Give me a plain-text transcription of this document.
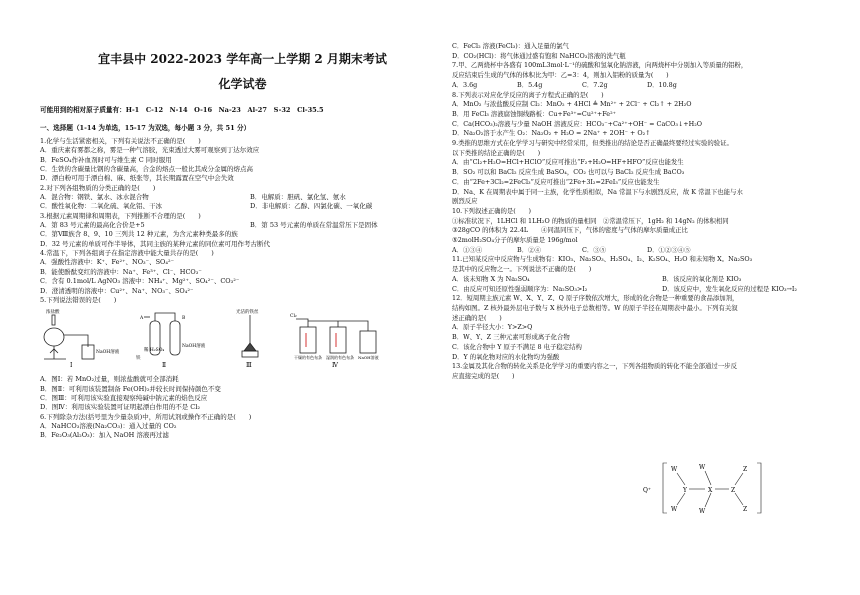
宜丰县中 2022-2023 学年高一上学期 2 月期末考试
化学试卷
可能用到的相对原子质量有：H-1　C-12　N-14　O-16　Na-23　Al-27　S-32　Cl-35.5
一、选择题（1-14 为单选，15-17 为双选，每小题 3 分，共 51 分）
1.化学与生活紧密相关，下列有关说法不正确的是(　　)
A．重庆素有雾都之称，雾是一种气溶胶，光束透过大雾可观察到丁达尔效应
B．FeSO₄作补血剂时可与维生素 C 同时服用
C．生铁的含碳量比钢的含碳量高，合金的熔点一般比其成分金属的熔点高
D．漂白粉可用于漂白棉、麻、纸张等，其长期露置在空气中会失效
2.对下列各组物质的分类正确的是(　　)
A．混合物：钢铁、氯水、冰水混合物	B．电解质：胆矾、氯化氢、氨水
C．酸性氧化物：二氧化硫、氧化铝、干冰	D．非电解质：乙醇、四氯化碳、一氧化碳
3.根据元素周期律和周期表，下列推断不合理的是(　　)
A．第 83 号元素的最高化合价是+5	B．第 53 号元素的单质在常温常压下是固体
C．第Ⅷ族含 8、9、10 三列共 12 种元素，为含元素种类最多的族
D．32 号元素的单质可作半导体，其同主族的某种元素的同位素可用作考古断代
4.常温下，下列各组离子在指定溶液中能大量共存的是(　　)
A．强酸性溶液中：K⁺、Fe²⁺、NO₃⁻、SO₄²⁻
B．能使酚酞变红的溶液中：Na⁺、Fe³⁺、Cl⁻、HCO₃⁻
C．含有 0.1mol/L AgNO₃ 溶液中：NH₄⁺、Mg²⁺、SO₄²⁻、CO₃²⁻
D．澄清透明的溶液中：Cu²⁺、Na⁺、NO₃⁻、SO₄²⁻
5.下列说法错误的是(　　)
浓盐酸
NaOH溶液
Ⅰ
A	B
铁
稀 H₂SO₄
NaOH溶液
Ⅱ
光洁的铁丝
Ⅲ
Cl₂
干燥的有色布条 湿润的有色布条 NaOH溶液
Ⅳ
A．图Ⅰ：若 MnO₂过量，则浓盐酸就可全部消耗
B．图Ⅱ：可利用该装置制备 Fe(OH)₂并较长时间保持颜色不变
C．图Ⅲ：可利用该实验直接观察纯碱中钠元素的焰色反应
D．图Ⅳ：利用该实验装置可证明起漂白作用的不是 Cl₂
6.下列除杂方法(括号里为少量杂质)中，所用试剂或操作不正确的是(　　)
A．NaHCO₃溶液(Na₂CO₃)：通入过量的 CO₂
B．Fe₂O₃(Al₂O₃)：加入 NaOH 溶液再过滤
C．FeCl₂ 溶液(FeCl₃)：通入足量的氯气
D．CO₂(HCl)：将气体通过盛有饱和 NaHCO₃溶液的洗气瓶
7.甲、乙两烧杯中各盛有 100mL3mol·L⁻¹的硫酸和氢氧化钠溶液，向两烧杯中分别加入等质量的铝粉，
反应结束后生成的气体的体积比为甲：乙=3：4，则加入铝粉的质量为(　　)
A．3.6g	B．5.4g	C．7.2g	D．10.8g
8.下列表示对应化学反应的离子方程式正确的是(　　)
A．MnO₂ 与浓盐酸反应制 Cl₂：MnO₂ + 4HCl ≜ Mn²⁺ + 2Cl⁻ + Cl₂↑ + 2H₂O
B．用 FeCl₃ 溶液腐蚀铜线路板：Cu+Fe³⁺=Cu²⁺+Fe²⁺
C．Ca(HCO₃)₂溶液与少量 NaOH 溶液反应：HCO₃⁻+Ca²⁺+OH⁻ = CaCO₃↓+H₂O
D．Na₂O₂溶于水产生 O₂：Na₂O₂ + H₂O = 2Na⁺ + 2OH⁻ + O₂↑
9.类推的思维方式在化学学习与研究中经常采用，但类推出的结论是否正确最终要经过实验的验证。
以下类推的结论正确的是(　　)
A．由“Cl₂+H₂O=HCl+HClO”反应可推出“F₂+H₂O=HF+HFO”反应也能发生
B．SO₂ 可以和 BaCl₂ 反应生成 BaSO₄，CO₂ 也可以与 BaCl₂ 反应生成 BaCO₃
C．由“2Fe+3Cl₂=2FeCl₃”反应可推出“2Fe+3I₂=2FeI₃”反应也能发生
D．Na、K 在周期表中属于同一主族，化学性质相似，Na 常温下与水剧烈反应，故 K 常温下也能与水
剧烈反应
10.下列叙述正确的是(　　)
①标准状况下，1LHCl 和 1LH₂O 的物质的量相同　②常温常压下，1gH₂ 和 14gN₂ 的体积相同
③28gCO 的体积为 22.4L　　④同温同压下，气体的密度与气体的摩尔质量成正比
⑤2molH₂SO₄分子的摩尔质量是 196g/mol
A．①③④	B．②④	C．③⑤	D．①②③④⑤
11.已知某反应中反应物与生成物有：KIO₃、Na₂SO₃、H₂SO₄、I₂、K₂SO₄、H₂O 和未知物 X。Na₂SO₃
是其中的反应物之一。下列说法不正确的是(　　)
A．该未知物 X 为 Na₂SO₄	B．该反应的氧化剂是 KIO₃
C．由反应可知还原性强弱顺序为：Na₂SO₃>I₂	D．该反应中，发生氧化反应的过程是 KIO₃→I₂
12．短周期主族元素 W、X、Y、Z、Q 原子序数依次增大，形成的化合物是一种重要的食品添加剂，
结构如图。Z 核外最外层电子数与 X 核外电子总数相等。W 的原子半径在周期表中最小。下列有关叙
述正确的是(　　)
A．原子半径大小：Y>Z>Q
B．W、Y、Z 三种元素可形成离子化合物
C．该化合物中 Y 原子不满足 8 电子稳定结构
D．Y 的氧化物对应的水化物均为强酸
13.金属及其化合物的转化关系是化学学习的重要内容之一，下列各组物质的转化不能全部通过一步反
应直接完成的是(　　)
Q⁺
W
W
Y
W
W
X	Z
Z
Z
